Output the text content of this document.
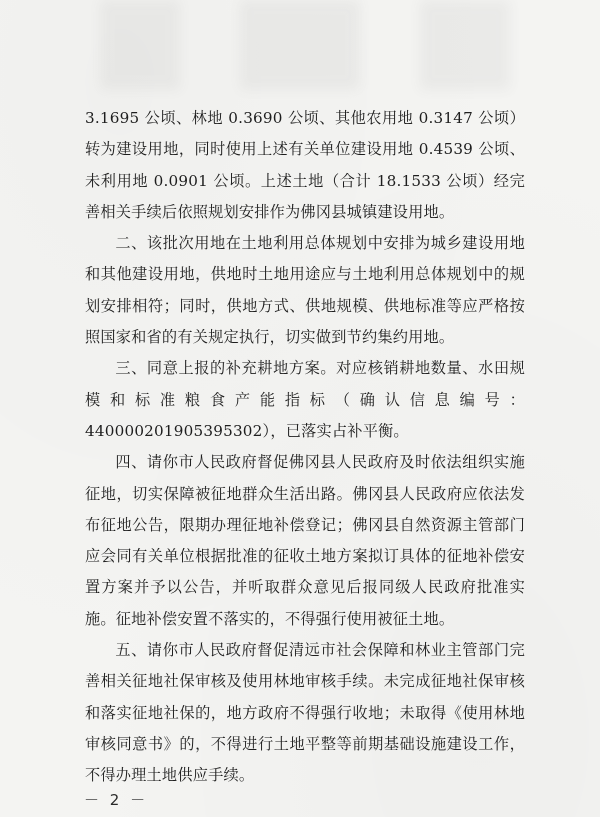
3.1695 公顷、林地 0.3690 公顷、其他农用地 0.3147 公顷）转为建设用地，同时使用上述有关单位建设用地 0.4539 公顷、未利用地 0.0901 公顷。上述土地（合计 18.1533 公顷）经完善相关手续后依照规划安排作为佛冈县城镇建设用地。

二、该批次用地在土地利用总体规划中安排为城乡建设用地和其他建设用地，供地时土地用途应与土地利用总体规划中的规划安排相符；同时，供地方式、供地规模、供地标准等应严格按照国家和省的有关规定执行，切实做到节约集约用地。

三、同意上报的补充耕地方案。对应核销耕地数量、水田规模和标准粮食产能指标（确认信息编号：440000201905395302），已落实占补平衡。

四、请你市人民政府督促佛冈县人民政府及时依法组织实施征地，切实保障被征地群众生活出路。佛冈县人民政府应依法发布征地公告，限期办理征地补偿登记；佛冈县自然资源主管部门应会同有关单位根据批准的征收土地方案拟订具体的征地补偿安置方案并予以公告，并听取群众意见后报同级人民政府批准实施。征地补偿安置不落实的，不得强行使用被征土地。

五、请你市人民政府督促清远市社会保障和林业主管部门完善相关征地社保审核及使用林地审核手续。未完成征地社保审核和落实征地社保的，地方政府不得强行收地；未取得《使用林地审核同意书》的，不得进行土地平整等前期基础设施建设工作，不得办理土地供应手续。

－ 2 －
